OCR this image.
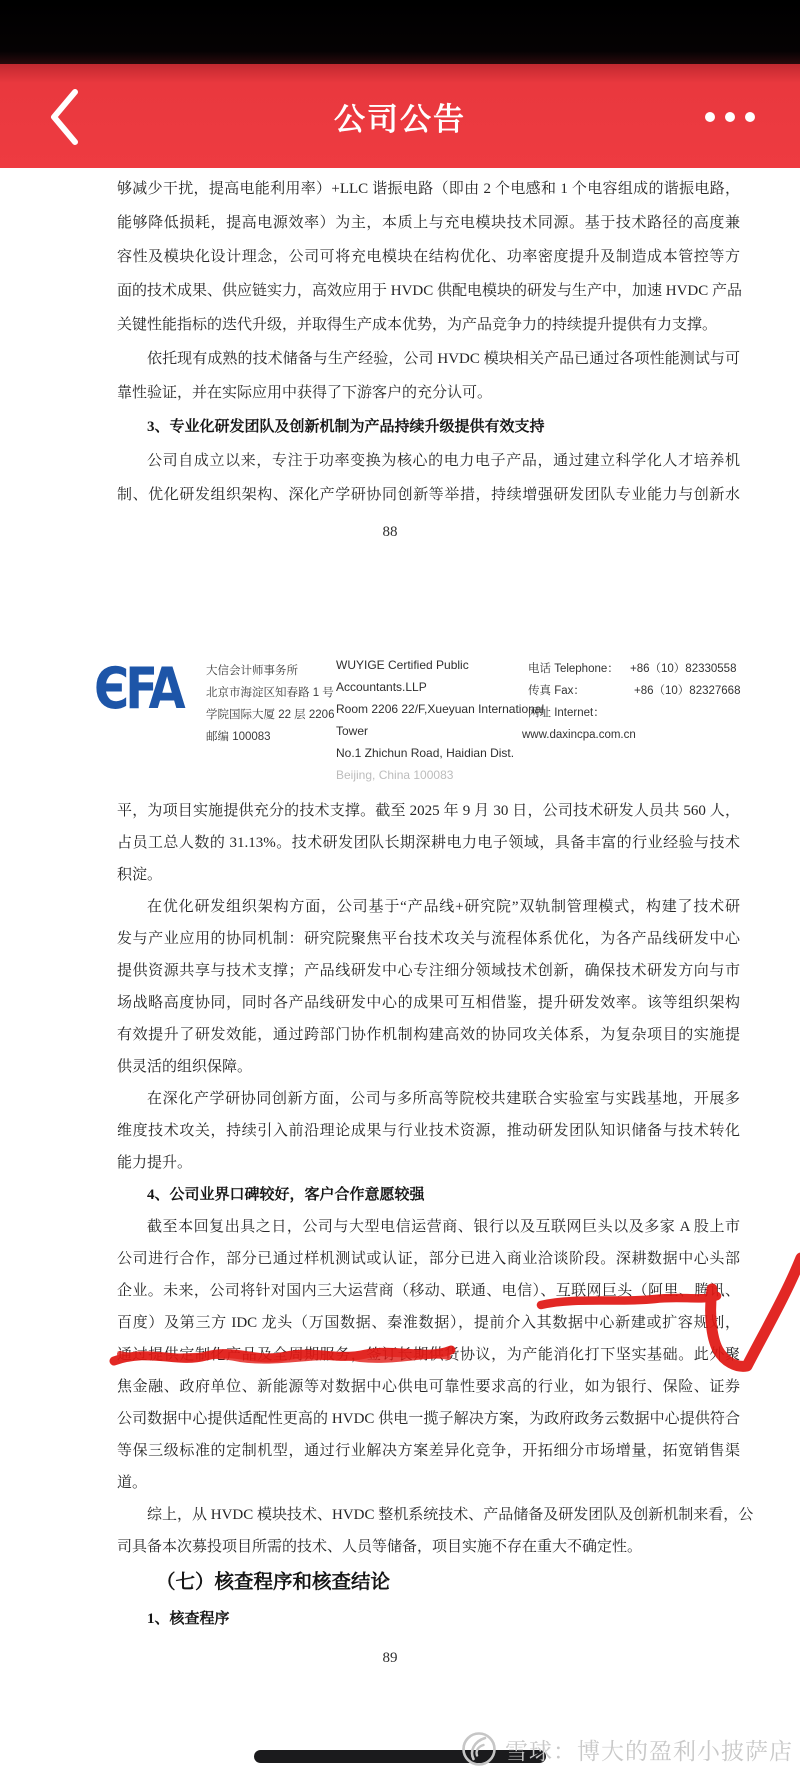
公司公告
够减少干扰，提高电能利用率）+LLC 谐振电路（即由 2 个电感和 1 个电容组成的谐振电路，
能够降低损耗，提高电源效率）为主，本质上与充电模块技术同源。基于技术路径的高度兼
容性及模块化设计理念，公司可将充电模块在结构优化、功率密度提升及制造成本管控等方
面的技术成果、供应链实力，高效应用于 HVDC 供配电模块的研发与生产中，加速 HVDC 产品
关键性能指标的迭代升级，并取得生产成本优势，为产品竞争力的持续提升提供有力支撑。
依托现有成熟的技术储备与生产经验，公司 HVDC 模块相关产品已通过各项性能测试与可
靠性验证，并在实际应用中获得了下游客户的充分认可。
3、专业化研发团队及创新机制为产品持续升级提供有效支持
公司自成立以来，专注于功率变换为核心的电力电子产品，通过建立科学化人才培养机
制、优化研发组织架构、深化产学研协同创新等举措，持续增强研发团队专业能力与创新水
88
ЄFA	大信会计师事务所
北京市海淀区知春路 1 号
学院国际大厦 22 层 2206
邮编 100083
WUYIGE Certified Public
Accountants.LLP
Room 2206 22/F,Xueyuan International
Tower
No.1 Zhichun Road, Haidian Dist.
Beijing, China 100083
电话 Telephone： +86（10）82330558
传真 Fax：	+86（10）82327668
网址 Internet：
www.daxincpa.com.cn
平，为项目实施提供充分的技术支撑。截至 2025 年 9 月 30 日，公司技术研发人员共 560 人，
占员工总人数的 31.13%。技术研发团队长期深耕电力电子领域，具备丰富的行业经验与技术
积淀。
在优化研发组织架构方面，公司基于“产品线+研究院”双轨制管理模式，构建了技术研
发与产业应用的协同机制：研究院聚焦平台技术攻关与流程体系优化，为各产品线研发中心
提供资源共享与技术支撑；产品线研发中心专注细分领域技术创新，确保技术研发方向与市
场战略高度协同，同时各产品线研发中心的成果可互相借鉴，提升研发效率。该等组织架构
有效提升了研发效能，通过跨部门协作机制构建高效的协同攻关体系，为复杂项目的实施提
供灵活的组织保障。
在深化产学研协同创新方面，公司与多所高等院校共建联合实验室与实践基地，开展多
维度技术攻关，持续引入前沿理论成果与行业技术资源，推动研发团队知识储备与技术转化
能力提升。
4、公司业界口碑较好，客户合作意愿较强
截至本回复出具之日，公司与大型电信运营商、银行以及互联网巨头以及多家 A 股上市
公司进行合作，部分已通过样机测试或认证，部分已进入商业洽谈阶段。深耕数据中心头部
企业。未来，公司将针对国内三大运营商（移动、联通、电信）、互联网巨头（阿里、腾讯、
百度）及第三方 IDC 龙头（万国数据、秦淮数据），提前介入其数据中心新建或扩容规划，
通过提供定制化产品及全周期服务，签订长期供货协议，为产能消化打下坚实基础。此外聚
焦金融、政府单位、新能源等对数据中心供电可靠性要求高的行业，如为银行、保险、证券
公司数据中心提供适配性更高的 HVDC 供电一揽子解决方案，为政府政务云数据中心提供符合
等保三级标准的定制机型，通过行业解决方案差异化竞争，开拓细分市场增量，拓宽销售渠
道。
综上，从 HVDC 模块技术、HVDC 整机系统技术、产品储备及研发团队及创新机制来看，公
司具备本次募投项目所需的技术、人员等储备，项目实施不存在重大不确定性。
（七）核查程序和核查结论
1、核查程序
89
雪球：博大的盈利小披萨店
